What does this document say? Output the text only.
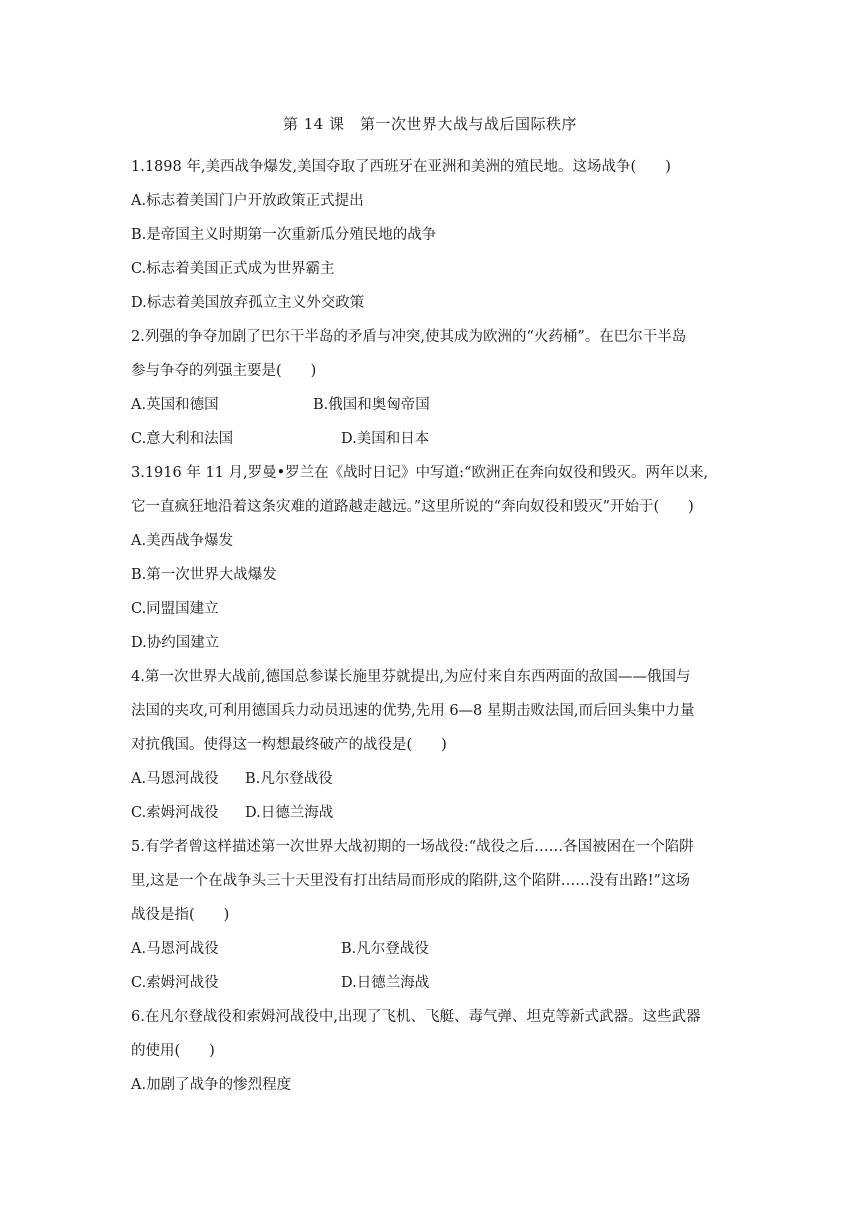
第 14 课　第一次世界大战与战后国际秩序
1.1898 年,美西战争爆发,美国夺取了西班牙在亚洲和美洲的殖民地。这场战争(　　)
A.标志着美国门户开放政策正式提出
B.是帝国主义时期第一次重新瓜分殖民地的战争
C.标志着美国正式成为世界霸主
D.标志着美国放弃孤立主义外交政策
2.列强的争夺加剧了巴尔干半岛的矛盾与冲突,使其成为欧洲的“火药桶”。在巴尔干半岛
参与争夺的列强主要是(　　)
A.英国和德国	B.俄国和奥匈帝国
C.意大利和法国	D.美国和日本
3.1916 年 11 月,罗曼•罗兰在《战时日记》中写道:“欧洲正在奔向奴役和毁灭。两年以来,
它一直疯狂地沿着这条灾难的道路越走越远。”这里所说的“奔向奴役和毁灭”开始于(　　)
A.美西战争爆发
B.第一次世界大战爆发
C.同盟国建立
D.协约国建立
4.第一次世界大战前,德国总参谋长施里芬就提出,为应付来自东西两面的敌国——俄国与
法国的夹攻,可利用德国兵力动员迅速的优势,先用 6—8 星期击败法国,而后回头集中力量
对抗俄国。使得这一构想最终破产的战役是(　　)
A.马恩河战役 B.凡尔登战役
C.索姆河战役 D.日德兰海战
5.有学者曾这样描述第一次世界大战初期的一场战役:“战役之后……各国被困在一个陷阱
里,这是一个在战争头三十天里没有打出结局而形成的陷阱,这个陷阱……没有出路!”这场
战役是指(　　)
A.马恩河战役	B.凡尔登战役
C.索姆河战役	D.日德兰海战
6.在凡尔登战役和索姆河战役中,出现了飞机、飞艇、毒气弹、坦克等新式武器。这些武器
的使用(　　)
A.加剧了战争的惨烈程度
